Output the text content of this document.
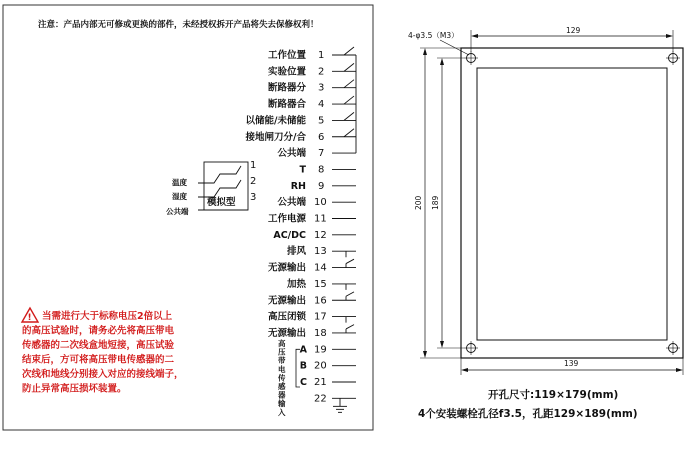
注意：产品内部无可修或更换的部件，未经授权拆开产品将失去保修权利！
工作位置 1
实验位置 2
断路器分 3
断路器合 4
以储能/未储能 5
接地闸刀分/合 6
公共端 7
T 8
RH 9
公共端 10
工作电源 11
AC/DC 12
排风 13
无源输出 14
加热 15
无源输出 16
高压闭锁 17
无源输出 18
A 19
B 20
C 21
22
温度
湿度
公共端
模拟型
1
2
3
高
压
带
电
传
感
器
输
入
! 当需进行大于标称电压2倍以上
的高压试验时，请务必先将高压带电
传感器的二次线盒地短接，高压试验
结束后，方可将高压带电传感器的二
次线和地线分别接入对应的接线端子，
防止异常高压损坏装置。
4-φ3.5（M3）
129
139
200 189
开孔尺寸:119×179(mm)
4个安装螺栓孔径f3.5，孔距129×189(mm)
